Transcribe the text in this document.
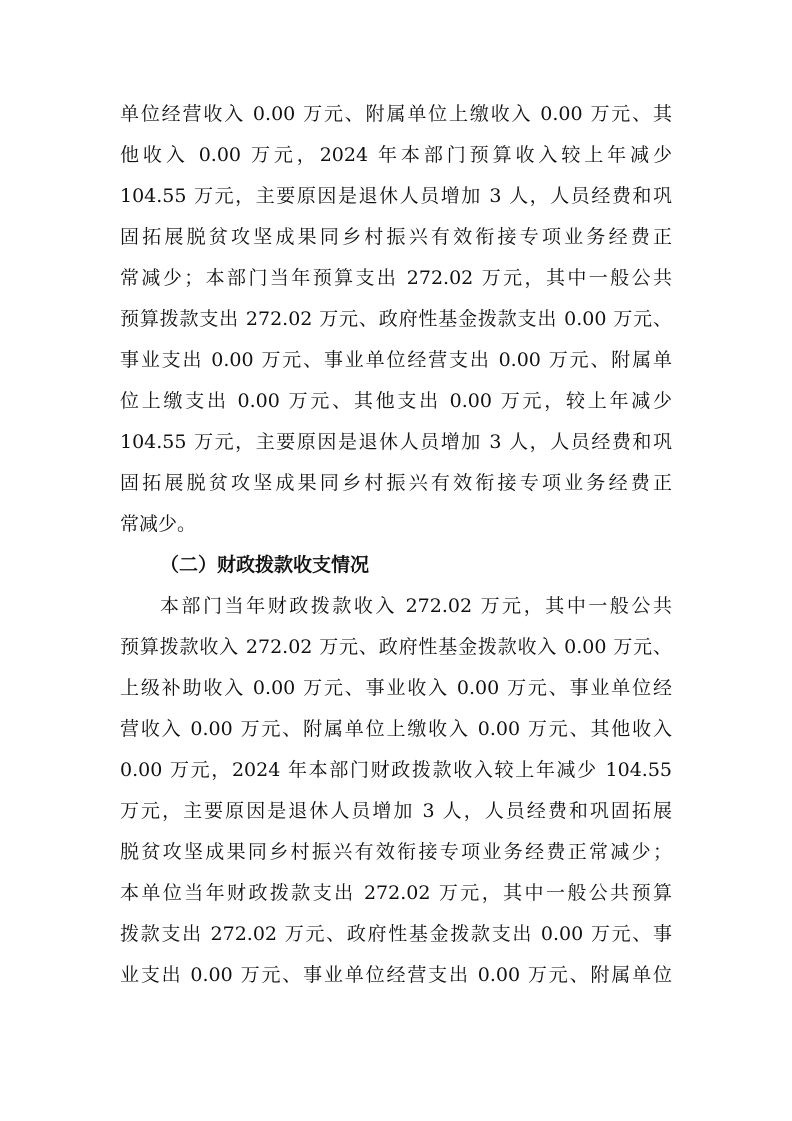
单位经营收入 0.00 万元、附属单位上缴收入 0.00 万元、其
他收入 0.00 万元，2024 年本部门预算收入较上年减少
104.55 万元，主要原因是退休人员增加 3 人，人员经费和巩
固拓展脱贫攻坚成果同乡村振兴有效衔接专项业务经费正
常减少；本部门当年预算支出 272.02 万元，其中一般公共
预算拨款支出 272.02 万元、政府性基金拨款支出 0.00 万元、
事业支出 0.00 万元、事业单位经营支出 0.00 万元、附属单
位上缴支出 0.00 万元、其他支出 0.00 万元，较上年减少
104.55 万元，主要原因是退休人员增加 3 人，人员经费和巩
固拓展脱贫攻坚成果同乡村振兴有效衔接专项业务经费正
常减少。
（二）财政拨款收支情况
本部门当年财政拨款收入 272.02 万元，其中一般公共
预算拨款收入 272.02 万元、政府性基金拨款收入 0.00 万元、
上级补助收入 0.00 万元、事业收入 0.00 万元、事业单位经
营收入 0.00 万元、附属单位上缴收入 0.00 万元、其他收入
0.00 万元，2024 年本部门财政拨款收入较上年减少 104.55
万元，主要原因是退休人员增加 3 人，人员经费和巩固拓展
脱贫攻坚成果同乡村振兴有效衔接专项业务经费正常减少；
本单位当年财政拨款支出 272.02 万元，其中一般公共预算
拨款支出 272.02 万元、政府性基金拨款支出 0.00 万元、事
业支出 0.00 万元、事业单位经营支出 0.00 万元、附属单位
